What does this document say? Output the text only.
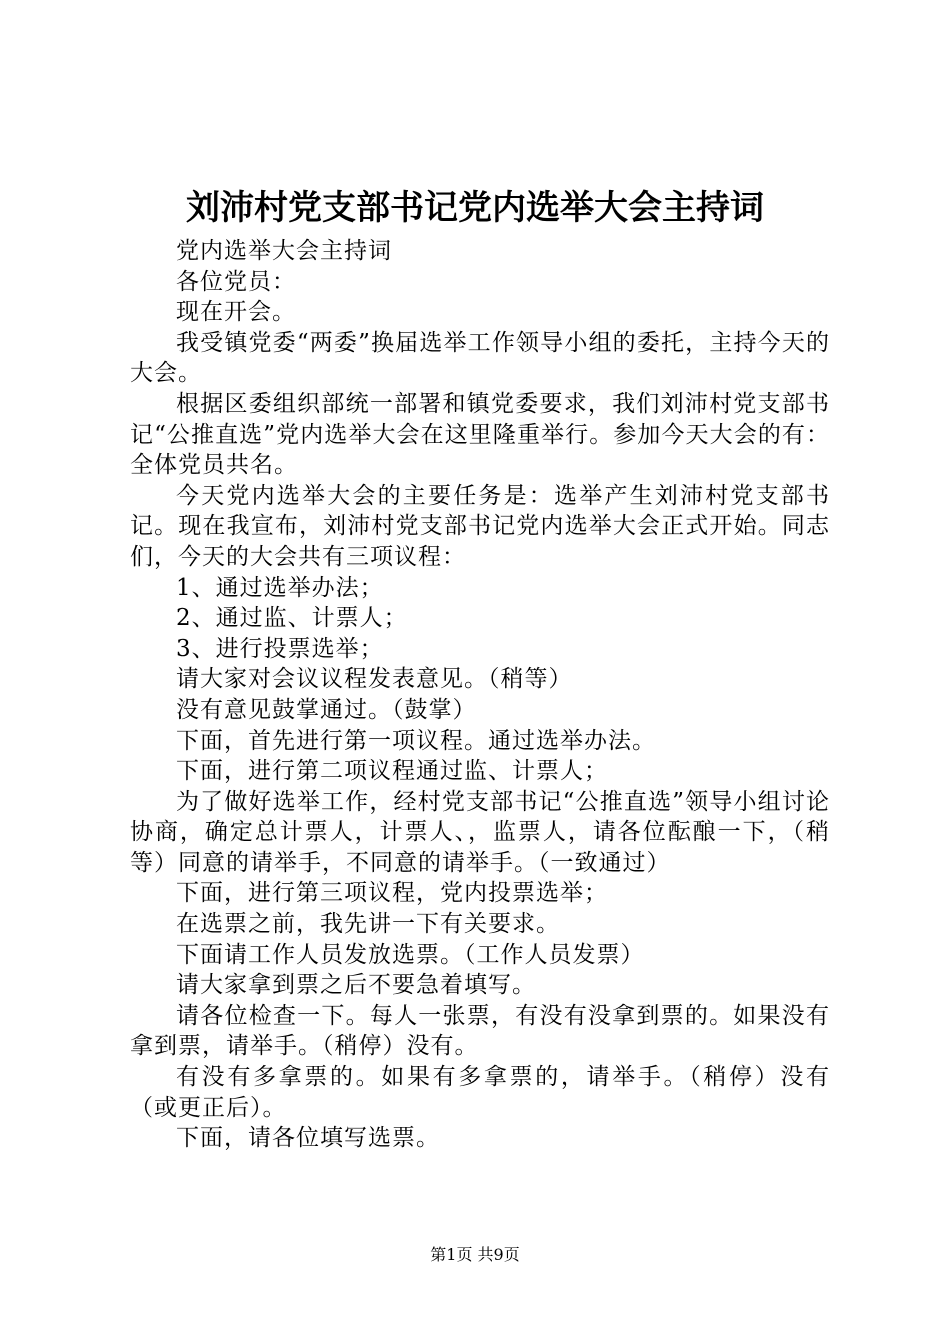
刘沛村党支部书记党内选举大会主持词

党内选举大会主持词

各位党员：

现在开会。

我受镇党委“两委”换届选举工作领导小组的委托，主持今天的大会。

根据区委组织部统一部署和镇党委要求，我们刘沛村党支部书记“公推直选”党内选举大会在这里隆重举行。参加今天大会的有：全体党员共名。

今天党内选举大会的主要任务是：选举产生刘沛村党支部书记。现在我宣布，刘沛村党支部书记党内选举大会正式开始。同志们，今天的大会共有三项议程：

1、通过选举办法；

2、通过监、计票人；

3、进行投票选举；

请大家对会议议程发表意见。（稍等）

没有意见鼓掌通过。（鼓掌）

下面，首先进行第一项议程。通过选举办法。

下面，进行第二项议程通过监、计票人；

为了做好选举工作，经村党支部书记“公推直选”领导小组讨论协商，确定总计票人，计票人、，监票人，请各位酝酿一下，（稍等）同意的请举手，不同意的请举手。（一致通过）

下面，进行第三项议程，党内投票选举；

在选票之前，我先讲一下有关要求。

下面请工作人员发放选票。（工作人员发票）

请大家拿到票之后不要急着填写。

请各位检查一下。每人一张票，有没有没拿到票的。如果没有拿到票，请举手。（稍停）没有。

有没有多拿票的。如果有多拿票的，请举手。（稍停）没有（或更正后）。

下面，请各位填写选票。

第1页 共9页
